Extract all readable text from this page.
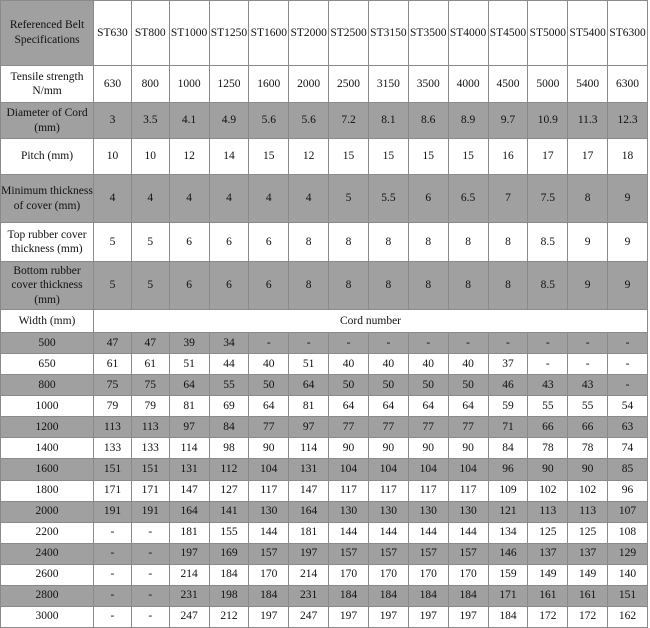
Referenced Belt Specifications	ST630	ST800	ST1000	ST1250	ST1600	ST2000	ST2500	ST3150	ST3500	ST4000	ST4500	ST5000	ST5400	ST6300
Tensile strength N/mm	630	800	1000	1250	1600	2000	2500	3150	3500	4000	4500	5000	5400	6300
Diameter of Cord (mm)	3	3.5	4.1	4.9	5.6	5.6	7.2	8.1	8.6	8.9	9.7	10.9	11.3	12.3
Pitch (mm)	10	10	12	14	15	12	15	15	15	15	16	17	17	18
Minimum thickness of cover (mm)	4	4	4	4	4	4	5	5.5	6	6.5	7	7.5	8	9
Top rubber cover thickness (mm)	5	5	6	6	6	8	8	8	8	8	8	8.5	9	9
Bottom rubber cover thickness (mm)	5	5	6	6	6	8	8	8	8	8	8	8.5	9	9
Width (mm)	Cord number													
500	47	47	39	34	-	-	-	-	-	-	-	-	-	-
650	61	61	51	44	40	51	40	40	40	40	37	-	-	-
800	75	75	64	55	50	64	50	50	50	50	46	43	43	-
1000	79	79	81	69	64	81	64	64	64	64	59	55	55	54
1200	113	113	97	84	77	97	77	77	77	77	71	66	66	63
1400	133	133	114	98	90	114	90	90	90	90	84	78	78	74
1600	151	151	131	112	104	131	104	104	104	104	96	90	90	85
1800	171	171	147	127	117	147	117	117	117	117	109	102	102	96
2000	191	191	164	141	130	164	130	130	130	130	121	113	113	107
2200	-	-	181	155	144	181	144	144	144	144	134	125	125	108
2400	-	-	197	169	157	197	157	157	157	157	146	137	137	129
2600	-	-	214	184	170	214	170	170	170	170	159	149	149	140
2800	-	-	231	198	184	231	184	184	184	184	171	161	161	151
3000	-	-	247	212	197	247	197	197	197	197	184	172	172	162
